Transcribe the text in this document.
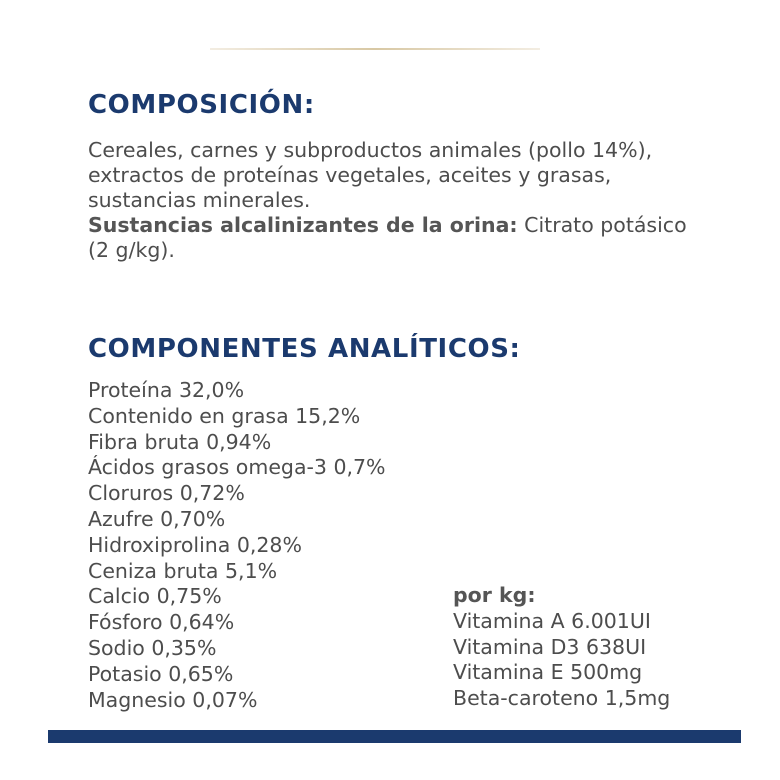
COMPOSICIÓN:

Cereales, carnes y subproductos animales (pollo 14%), extractos de proteínas vegetales, aceites y grasas, sustancias minerales.

Sustancias alcalinizantes de la orina: Citrato potásico (2 g/kg).

COMPONENTES ANALÍTICOS:
Proteína 32,0%
Contenido en grasa 15,2%
Fibra bruta 0,94%
Ácidos grasos omega-3 0,7%
Cloruros 0,72%
Azufre 0,70%
Hidroxiprolina 0,28%
Ceniza bruta 5,1%
Calcio 0,75%
Fósforo 0,64%
Sodio 0,35%
Potasio 0,65%
Magnesio 0,07%
por kg:
Vitamina A 6.001UI
Vitamina D3 638UI
Vitamina E 500mg
Beta-caroteno 1,5mg
